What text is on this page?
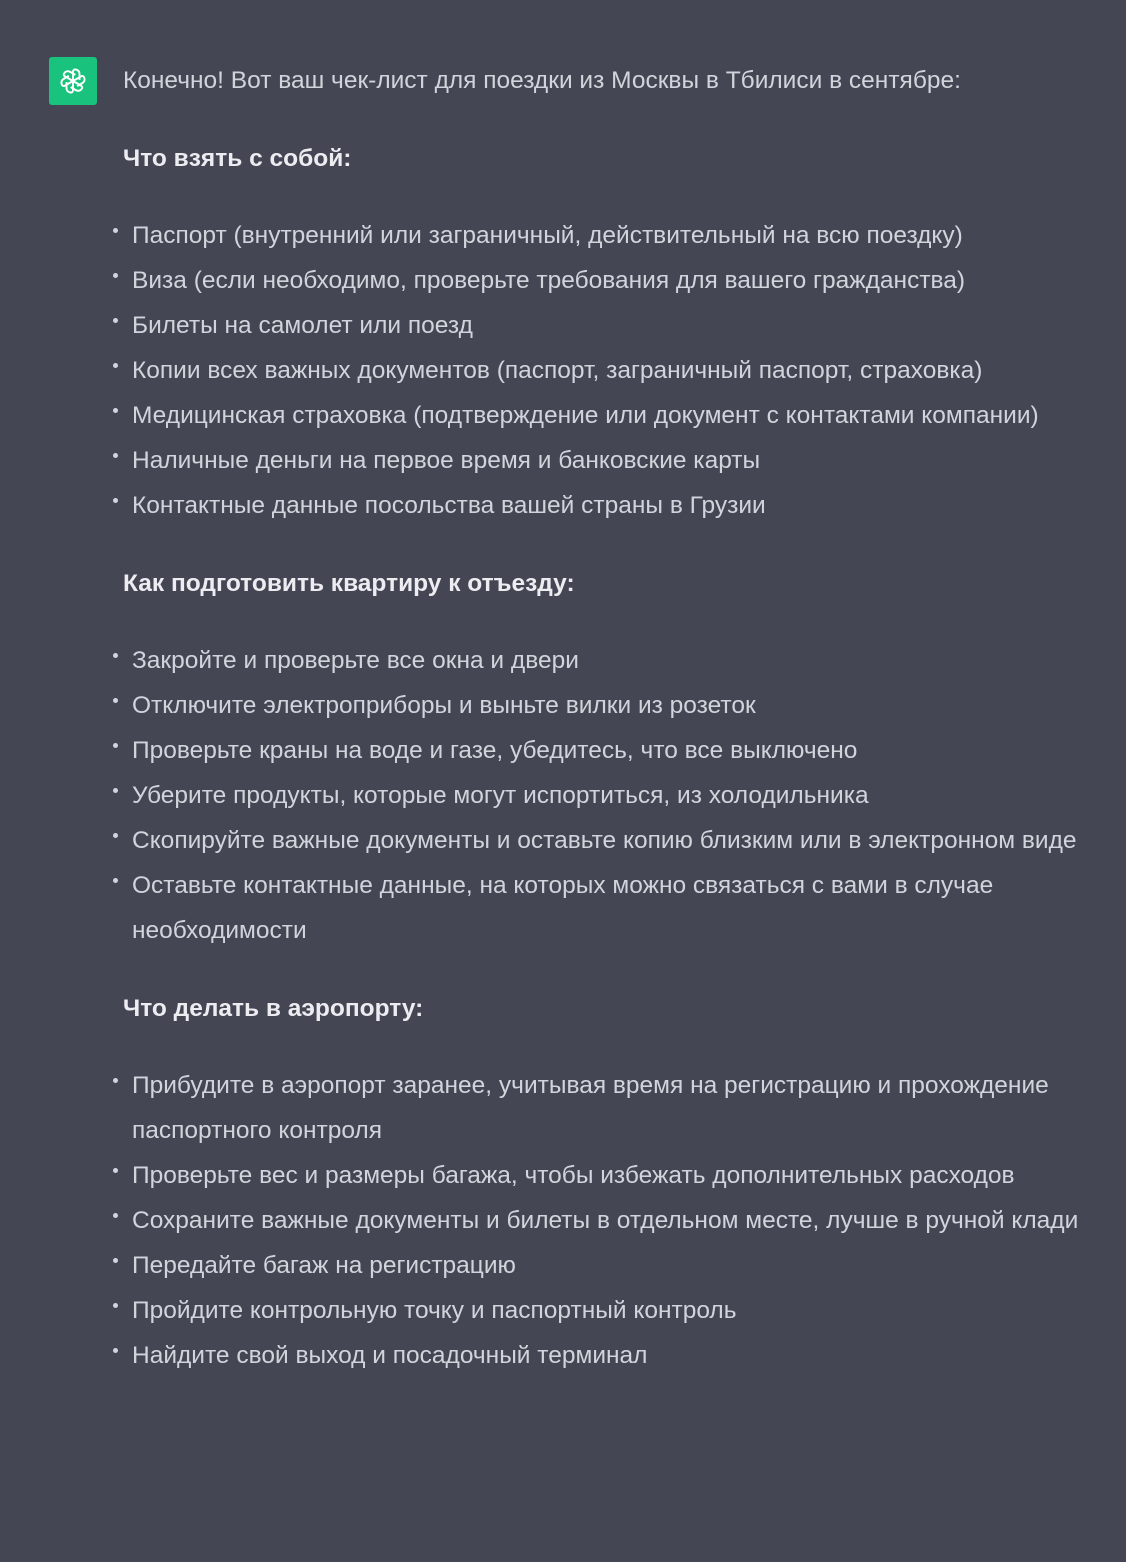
Конечно! Вот ваш чек-лист для поездки из Москвы в Тбилиси в сентябре:

Что взять с собой:
Паспорт (внутренний или заграничный, действительный на всю поездку)
Виза (если необходимо, проверьте требования для вашего гражданства)
Билеты на самолет или поезд
Копии всех важных документов (паспорт, заграничный паспорт, страховка)
Медицинская страховка (подтверждение или документ с контактами компании)
Наличные деньги на первое время и банковские карты
Контактные данные посольства вашей страны в Грузии
Как подготовить квартиру к отъезду:
Закройте и проверьте все окна и двери
Отключите электроприборы и выньте вилки из розеток
Проверьте краны на воде и газе, убедитесь, что все выключено
Уберите продукты, которые могут испортиться, из холодильника
Скопируйте важные документы и оставьте копию близким или в электронном виде
Оставьте контактные данные, на которых можно связаться с вами в случае необходимости
Что делать в аэропорту:
Прибудите в аэропорт заранее, учитывая время на регистрацию и прохождение паспортного контроля
Проверьте вес и размеры багажа, чтобы избежать дополнительных расходов
Сохраните важные документы и билеты в отдельном месте, лучше в ручной клади
Передайте багаж на регистрацию
Пройдите контрольную точку и паспортный контроль
Найдите свой выход и посадочный терминал
